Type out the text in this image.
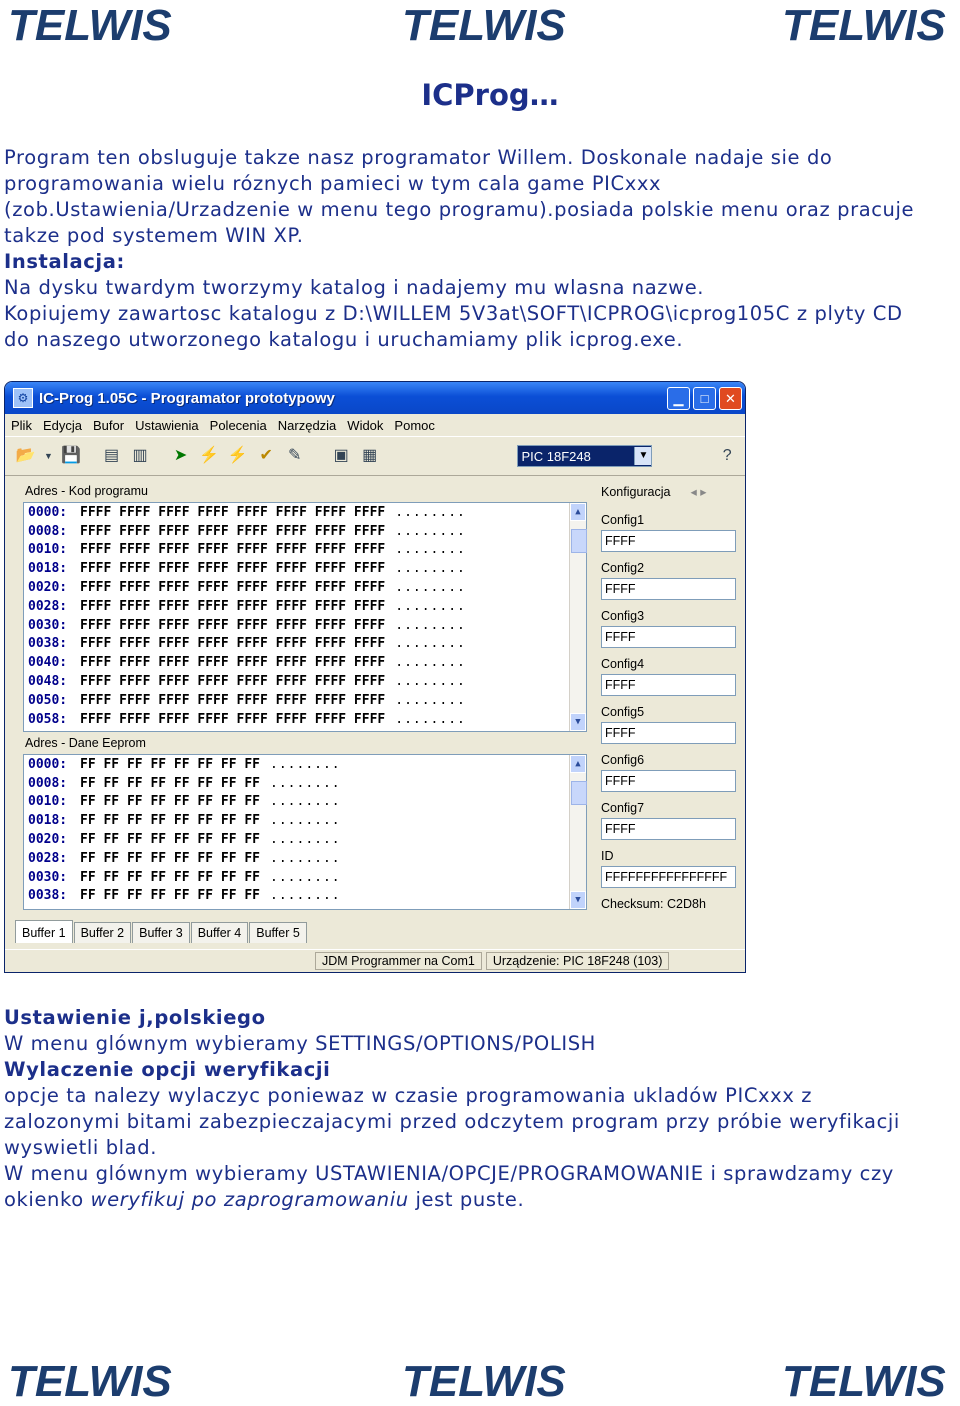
TELWIS	TELWIS	TELWIS
ICProg…
Program ten obsluguje takze nasz programator Willem. Doskonale nadaje sie do
programowania wielu róznych pamieci w tym cala game PICxxx
(zob.Ustawienia/Urzadzenie w menu tego programu).posiada polskie menu oraz pracuje
takze pod systemem WIN XP.
Instalacja:
Na dysku twardym tworzymy katalog i nadajemy mu wlasna nazwe.
Kopiujemy zawartosc katalogu z D:\WILLEM 5V3at\SOFT\ICPROG\icprog105C z plyty CD
do naszego utworzonego katalogu i uruchamiamy plik icprog.exe.
⚙ IC-Prog 1.05C - Programator prototypowy	▁	□	✕
Plik Edycja Bufor Ustawienia Polecenia Narzędzia Widok Pomoc
📂 ▼ 💾 ▤ ▥ ➤ ⚡ ⚡ ✔ ✎ ▣ ▦	PIC 18F248	▼	?
Adres - Kod programu
0000: FFFF FFFF FFFF FFFF FFFF FFFF FFFF FFFF ........
0008: FFFF FFFF FFFF FFFF FFFF FFFF FFFF FFFF ........
0010: FFFF FFFF FFFF FFFF FFFF FFFF FFFF FFFF ........
0018: FFFF FFFF FFFF FFFF FFFF FFFF FFFF FFFF ........
0020: FFFF FFFF FFFF FFFF FFFF FFFF FFFF FFFF ........
0028: FFFF FFFF FFFF FFFF FFFF FFFF FFFF FFFF ........
0030: FFFF FFFF FFFF FFFF FFFF FFFF FFFF FFFF ........
0038: FFFF FFFF FFFF FFFF FFFF FFFF FFFF FFFF ........
0040: FFFF FFFF FFFF FFFF FFFF FFFF FFFF FFFF ........
0048: FFFF FFFF FFFF FFFF FFFF FFFF FFFF FFFF ........
0050: FFFF FFFF FFFF FFFF FFFF FFFF FFFF FFFF ........
0058: FFFF FFFF FFFF FFFF FFFF FFFF FFFF FFFF ........
▲
▼
Adres - Dane Eeprom
0000: FF FF FF FF FF FF FF FF ........
0008: FF FF FF FF FF FF FF FF ........
0010: FF FF FF FF FF FF FF FF ........
0018: FF FF FF FF FF FF FF FF ........
0020: FF FF FF FF FF FF FF FF ........
0028: FF FF FF FF FF FF FF FF ........
0030: FF FF FF FF FF FF FF FF ........
0038: FF FF FF FF FF FF FF FF ........
▲
▼
Konfiguracja ◂ ▸
Config1
FFFF
Config2
FFFF
Config3
FFFF
Config4
FFFF
Config5
FFFF
Config6
FFFF
Config7
FFFF
ID
FFFFFFFFFFFFFFFF
Checksum: C2D8h
Buffer 1	Buffer 2	Buffer 3	Buffer 4	Buffer 5
JDM Programmer na Com1	Urządzenie: PIC 18F248 (103)
Ustawienie j,polskiego
W menu glównym wybieramy SETTINGS/OPTIONS/POLISH
Wylaczenie opcji weryfikacji
opcje ta nalezy wylaczyc poniewaz w czasie programowania ukladów PICxxx z
zalozonymi bitami zabezpieczajacymi przed odczytem program przy próbie weryfikacji
wyswietli blad.
W menu glównym wybieramy USTAWIENIA/OPCJE/PROGRAMOWANIE i sprawdzamy czy
okienko weryfikuj po zaprogramowaniu jest puste.
TELWIS	TELWIS	TELWIS
